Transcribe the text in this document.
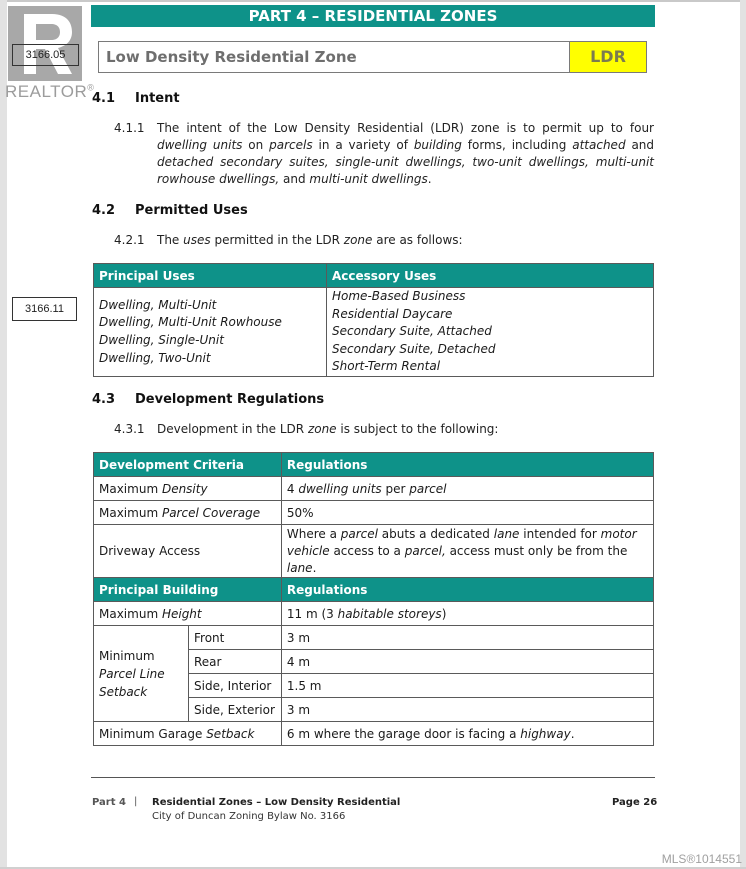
REALTOR®
3166.05
3166.11
PART 4 – RESIDENTIAL ZONES
Low Density Residential Zone	LDR
4.1 Intent
4.1.1 The intent of the Low Density Residential (LDR) zone is to permit up to four dwelling units on parcels in a variety of building forms, including attached and detached secondary suites, single-unit dwellings, two-unit dwellings, multi-unit rowhouse dwellings, and multi-unit dwellings.
4.2 Permitted Uses
4.2.1 The uses permitted in the LDR zone are as follows:
Principal Uses	Accessory Uses

Dwelling, Multi-Unit
Dwelling, Multi-Unit Rowhouse
Dwelling, Single-Unit
Dwelling, Two-Unit

Home-Based Business
Residential Daycare
Secondary Suite, Attached
Secondary Suite, Detached
Short-Term Rental
4.3 Development Regulations
4.3.1 Development in the LDR zone is subject to the following:
Development Criteria		Regulations
Maximum Density		4 dwelling units per parcel
Maximum Parcel Coverage		50%
Driveway Access		Where a parcel abuts a dedicated lane intended for motor vehicle access to a parcel, access must only be from the lane.
Principal Building		Regulations
Maximum Height		11 m (3 habitable storeys)
Minimum
Parcel Line
Setback	Front	3 m
	Rear	4 m
	Side, Interior	1.5 m
	Side, Exterior	3 m
Minimum Garage Setback		6 m where the garage door is facing a highway.
Part 4 | Residential Zones – Low Density Residential
City of Duncan Zoning Bylaw No. 3166
Page 26
MLS®1014551
